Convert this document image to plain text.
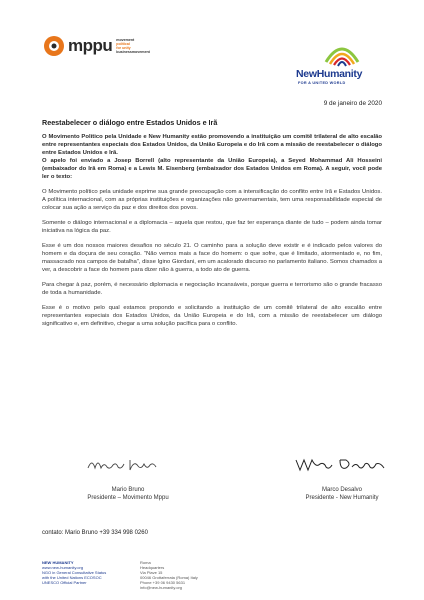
mppu movement
political
for unity
businessmovement
NewHumanity
FOR A UNITED WORLD
9 de janeiro de 2020
Reestabelecer o diálogo entre Estados Unidos e Irã

O Movimento Político pela Unidade e New Humanity estão promovendo a instituição um comitê trilateral de alto escalão entre representantes especiais dos Estados Unidos, da União Europeia e do Irã com a missão de reestabelecer o diálogo entre Estados Unidos e Irã.

O apelo foi enviado a Josep Borrell (alto representante da União Europeia), a Seyed Mohammad Ali Hosseini (embaixador do Irã em Roma) e a Lewis M. Eisenberg (embaixador dos Estados Unidos em Roma). A seguir, você pode ler o texto:

O Movimento político pela unidade exprime sua grande preocupação com a intensificação do conflito entre Irã e Estados Unidos. A política internacional, com as próprias instituições e organizações não governamentais, tem uma responsabilidade especial de colocar sua ação a serviço da paz e dos direitos dos povos.

Somente o diálogo internacional e a diplomacia – aquela que restou, que faz ter esperança diante de tudo – podem ainda tomar iniciativa na lógica da paz.

Esse é um dos nossos maiores desafios no século 21. O caminho para a solução deve existir e é indicado pelos valores do homem e da doçura de seu coração. “Não vemos mais a face do homem: o que sofre, que é limitado, atormentado e, no fim, massacrado nos campos de batalha”, disse Igino Giordani, em um acalorado discurso no parlamento italiano. Somos chamados a ver, a descobrir a face do homem para dizer não à guerra, a todo ato de guerra.

Para chegar à paz, porém, é necessário diplomacia e negociação incansáveis, porque guerra e terrorismo são o grande fracasso de toda a humanidade.

Esse é o motivo pelo qual estamos propondo e solicitando a instituição de um comitê trilateral de alto escalão entre representantes especiais dos Estados Unidos, da União Europeia e do Irã, com a missão de reestabelecer um diálogo significativo e, em definitivo, chegar a uma solução pacífica para o conflito.

Mario Bruno
Presidente – Movimento Mppu
Marco Desalvo
Presidente - New Humanity
contato: Mario Bruno +39 334 998 0260
NEW HUMANITY
www.new-humanity.org
NGO in General Consultative Status
with the United Nations ECOSOC
UNESCO Official Partner
Roma
Headquarters
Via Piave 15
00046 Grottaferrata (Roma) Italy
Phone +39 06 9430 5631
info@new-humanity.org
